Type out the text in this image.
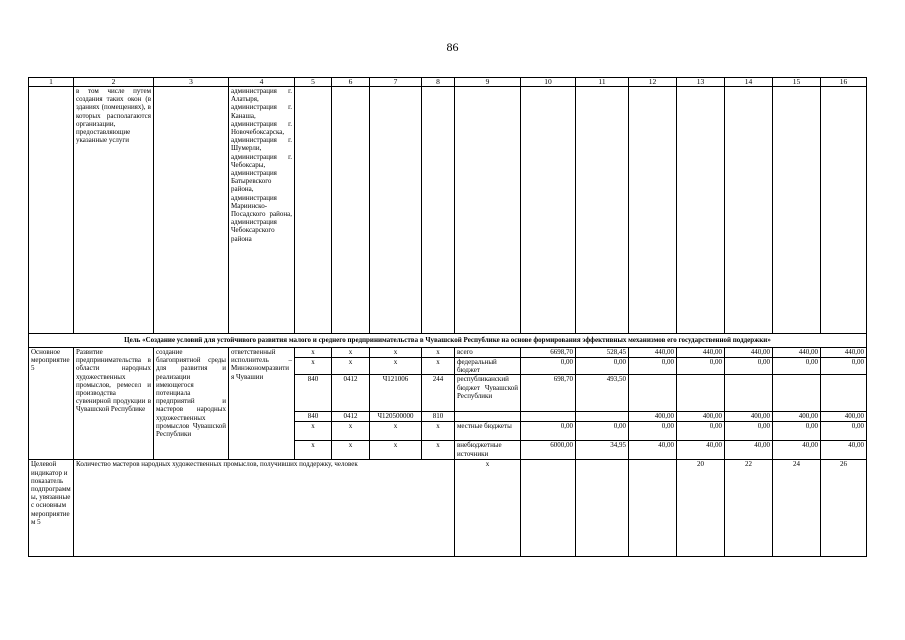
86
1	2	3	4	5	6	7	8	9	10	11	12	13	14	15	16
	в том числе путем создания таких окон (в зданиях (помещениях), в которых располагаются организации, предоставляющие указанные услуги		администрация г. Алатыря, администрация г. Канаша, администрация г. Новочебоксарска, администрация г. Шумерли, администрация г. Чебоксары, администрация Батыревского района, администрация Мариинско-Посадского района, администрация Чебоксарского района												
Цель «Создание условий для устойчивого развития малого и среднего предпринимательства в Чувашской Республике на основе формирования эффективных механизмов его государственной поддержки»															
Основное мероприятие 5	Развитие предпринимательства в области народных художественных промыслов, ремесел и производства сувенирной продукции в Чувашской Республике	создание благоприятной среды для развития и реализации имеющегося потенциала предприятий и мастеров народных художественных промыслов Чувашской Республики	ответственный исполнитель – Минэкономразвития Чувашии	x	x	x	x	всего	6698,70	528,45	440,00	440,00	440,00	440,00	440,00
				x	x	x	x	федеральный бюджет	0,00	0,00	0,00	0,00	0,00	0,00	0,00
				840	0412	Ч121006	244	республиканский бюджет Чувашской Республики	698,70	493,50					
				840	0412	Ч120500000	810				400,00	400,00	400,00	400,00	400,00
				x	x	x	x	местные бюджеты	0,00	0,00	0,00	0,00	0,00	0,00	0,00
				x	x	x	x	внебюджетные источники	6000,00	34,95	40,00	40,00	40,00	40,00	40,00
Целевой индикатор и показатель подпрограммы, увязанные с основным мероприятием 5	Количество мастеров народных художественных промыслов, получивших поддержку, человек							x				20	22	24	26
